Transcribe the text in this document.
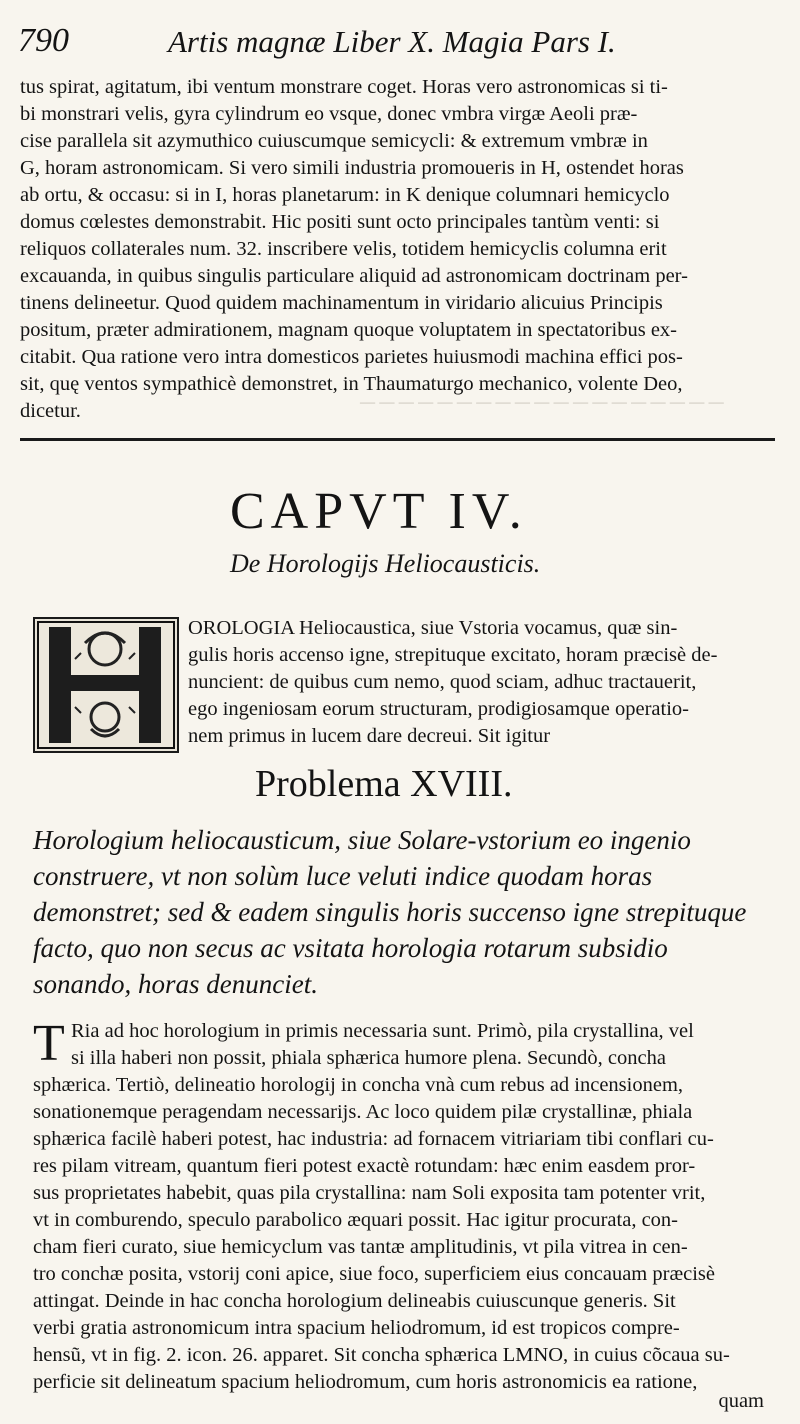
— — — — — — — — — — — — — — — — — — —
790	Artis magnæ Liber X. Magia Pars I.
tus spirat, agitatum, ibi ventum monstrare coget. Horas vero astronomicas si ti-
bi monstrari velis, gyra cylindrum eo vsque, donec vmbra virgæ Aeoli præ-
cise parallela sit azymuthico cuiuscumque semicycli: & extremum vmbræ in
G, horam astronomicam. Si vero simili industria promoueris in H, ostendet horas
ab ortu, & occasu: si in I, horas planetarum: in K denique columnari hemicyclo
domus cœlestes demonstrabit. Hic positi sunt octo principales tantùm venti: si
reliquos collaterales num. 32. inscribere velis, totidem hemicyclis columna erit
excauanda, in quibus singulis particulare aliquid ad astronomicam doctrinam per-
tinens delineetur. Quod quidem machinamentum in viridario alicuius Principis
positum, præter admirationem, magnam quoque voluptatem in spectatoribus ex-
citabit. Qua ratione vero intra domesticos parietes huiusmodi machina effici pos-
sit, quę ventos sympathicè demonstret, in Thaumaturgo mechanico, volente Deo,
dicetur.
CAPVT IV.
De Horologijs Heliocausticis.
OROLOGIA Heliocaustica, siue Vstoria vocamus, quæ sin-
gulis horis accenso igne, strepituque excitato, horam præcisè de-
nuncient: de quibus cum nemo, quod sciam, adhuc tractauerit,
ego ingeniosam eorum structuram, prodigiosamque operatio-
nem primus in lucem dare decreui. Sit igitur
Problema XVIII.
Horologium heliocausticum, siue Solare-vstorium eo ingenio construere, vt non solùm luce veluti indice quodam horas demonstret; sed & eadem singulis horis succenso igne strepituque facto, quo non secus ac vsitata horologia rotarum subsidio sonando, horas denunciet.
T Ria ad hoc horologium in primis necessaria sunt. Primò, pila crystallina, vel
si illa haberi non possit, phiala sphærica humore plena. Secundò, concha
sphærica. Tertiò, delineatio horologij in concha vnà cum rebus ad incensionem,
sonationemque peragendam necessarijs. Ac loco quidem pilæ crystallinæ, phiala
sphærica facilè haberi potest, hac industria: ad fornacem vitriariam tibi conflari cu-
res pilam vitream, quantum fieri potest exactè rotundam: hæc enim easdem pror-
sus proprietates habebit, quas pila crystallina: nam Soli exposita tam potenter vrit,
vt in comburendo, speculo parabolico æquari possit. Hac igitur procurata, con-
cham fieri curato, siue hemicyclum vas tantæ amplitudinis, vt pila vitrea in cen-
tro conchæ posita, vstorij coni apice, siue foco, superficiem eius concauam præcisè
attingat. Deinde in hac concha horologium delineabis cuiuscunque generis. Sit
verbi gratia astronomicum intra spacium heliodromum, id est tropicos compre-
hensũ, vt in fig. 2. icon. 26. apparet. Sit concha sphærica LMNO, in cuius cõcaua su-
perficie sit delineatum spacium heliodromum, cum horis astronomicis ea ratione,
quam
